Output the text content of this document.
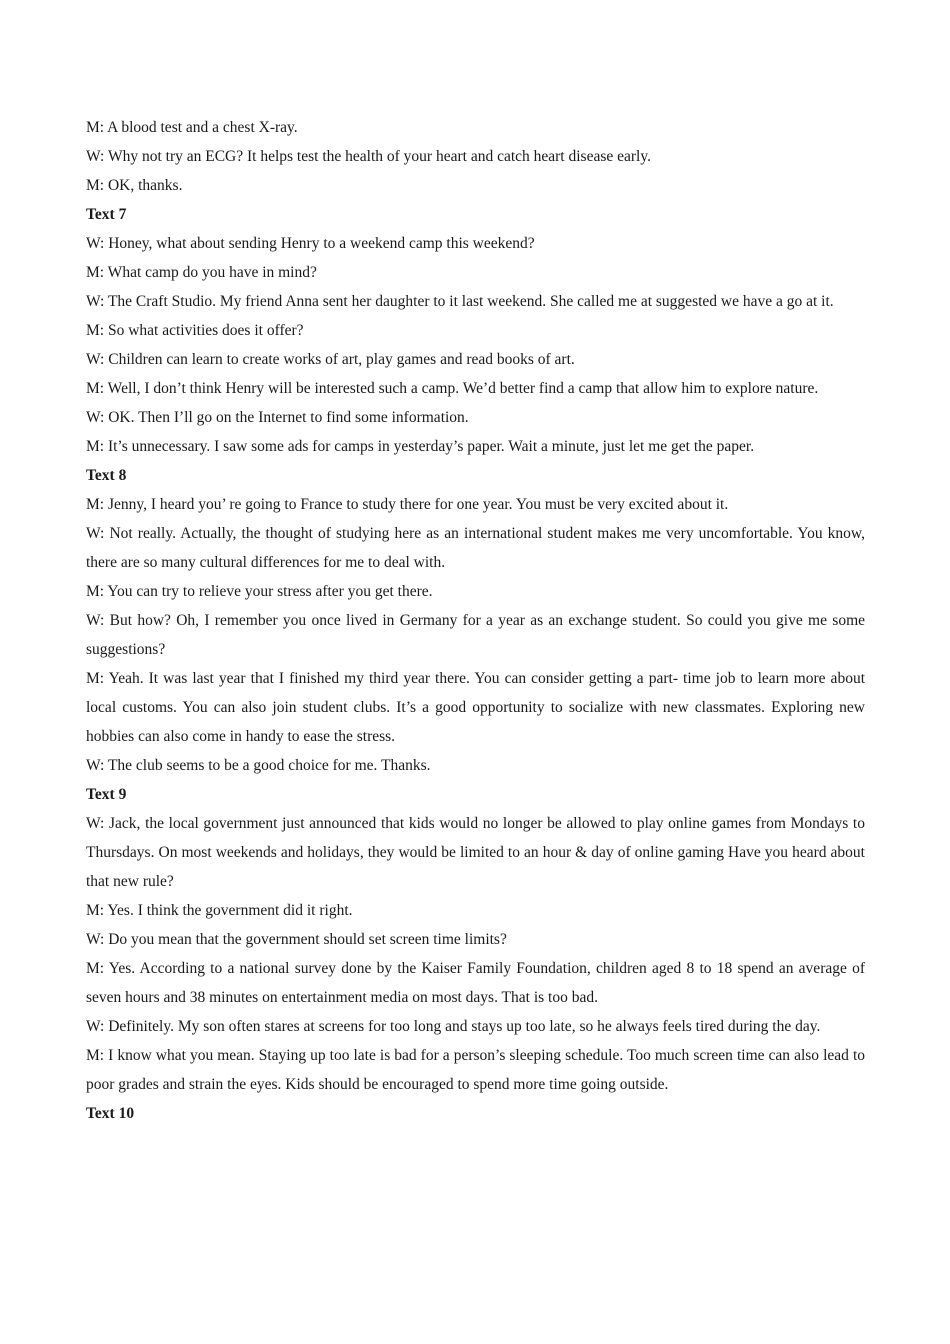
M: A blood test and a chest X-ray.

W: Why not try an ECG? It helps test the health of your heart and catch heart disease early.

M: OK, thanks.

Text 7

W: Honey, what about sending Henry to a weekend camp this weekend?

M: What camp do you have in mind?

W: The Craft Studio. My friend Anna sent her daughter to it last weekend. She called me at suggested we have a go at it.

M: So what activities does it offer?

W: Children can learn to create works of art, play games and read books of art.

M: Well, I don’t think Henry will be interested such a camp. We’d better find a camp that allow him to explore nature.

W: OK. Then I’ll go on the Internet to find some information.

M: It’s unnecessary. I saw some ads for camps in yesterday’s paper. Wait a minute, just let me get the paper.

Text 8

M: Jenny, I heard you’ re going to France to study there for one year. You must be very excited about it.

W: Not really. Actually, the thought of studying here as an international student makes me very uncomfortable. You know, there are so many cultural differences for me to deal with.

M: You can try to relieve your stress after you get there.

W: But how? Oh, I remember you once lived in Germany for a year as an exchange student. So could you give me some suggestions?

M: Yeah. It was last year that I finished my third year there. You can consider getting a part- time job to learn more about local customs. You can also join student clubs. It’s a good opportunity to socialize with new classmates. Exploring new hobbies can also come in handy to ease the stress.

W: The club seems to be a good choice for me. Thanks.

Text 9

W: Jack, the local government just announced that kids would no longer be allowed to play online games from Mondays to Thursdays. On most weekends and holidays, they would be limited to an hour & day of online gaming Have you heard about that new rule?

M: Yes. I think the government did it right.

W: Do you mean that the government should set screen time limits?

M: Yes. According to a national survey done by the Kaiser Family Foundation, children aged 8 to 18 spend an average of seven hours and 38 minutes on entertainment media on most days. That is too bad.

W: Definitely. My son often stares at screens for too long and stays up too late, so he always feels tired during the day.

M: I know what you mean. Staying up too late is bad for a person’s sleeping schedule. Too much screen time can also lead to poor grades and strain the eyes. Kids should be encouraged to spend more time going outside.

Text 10
